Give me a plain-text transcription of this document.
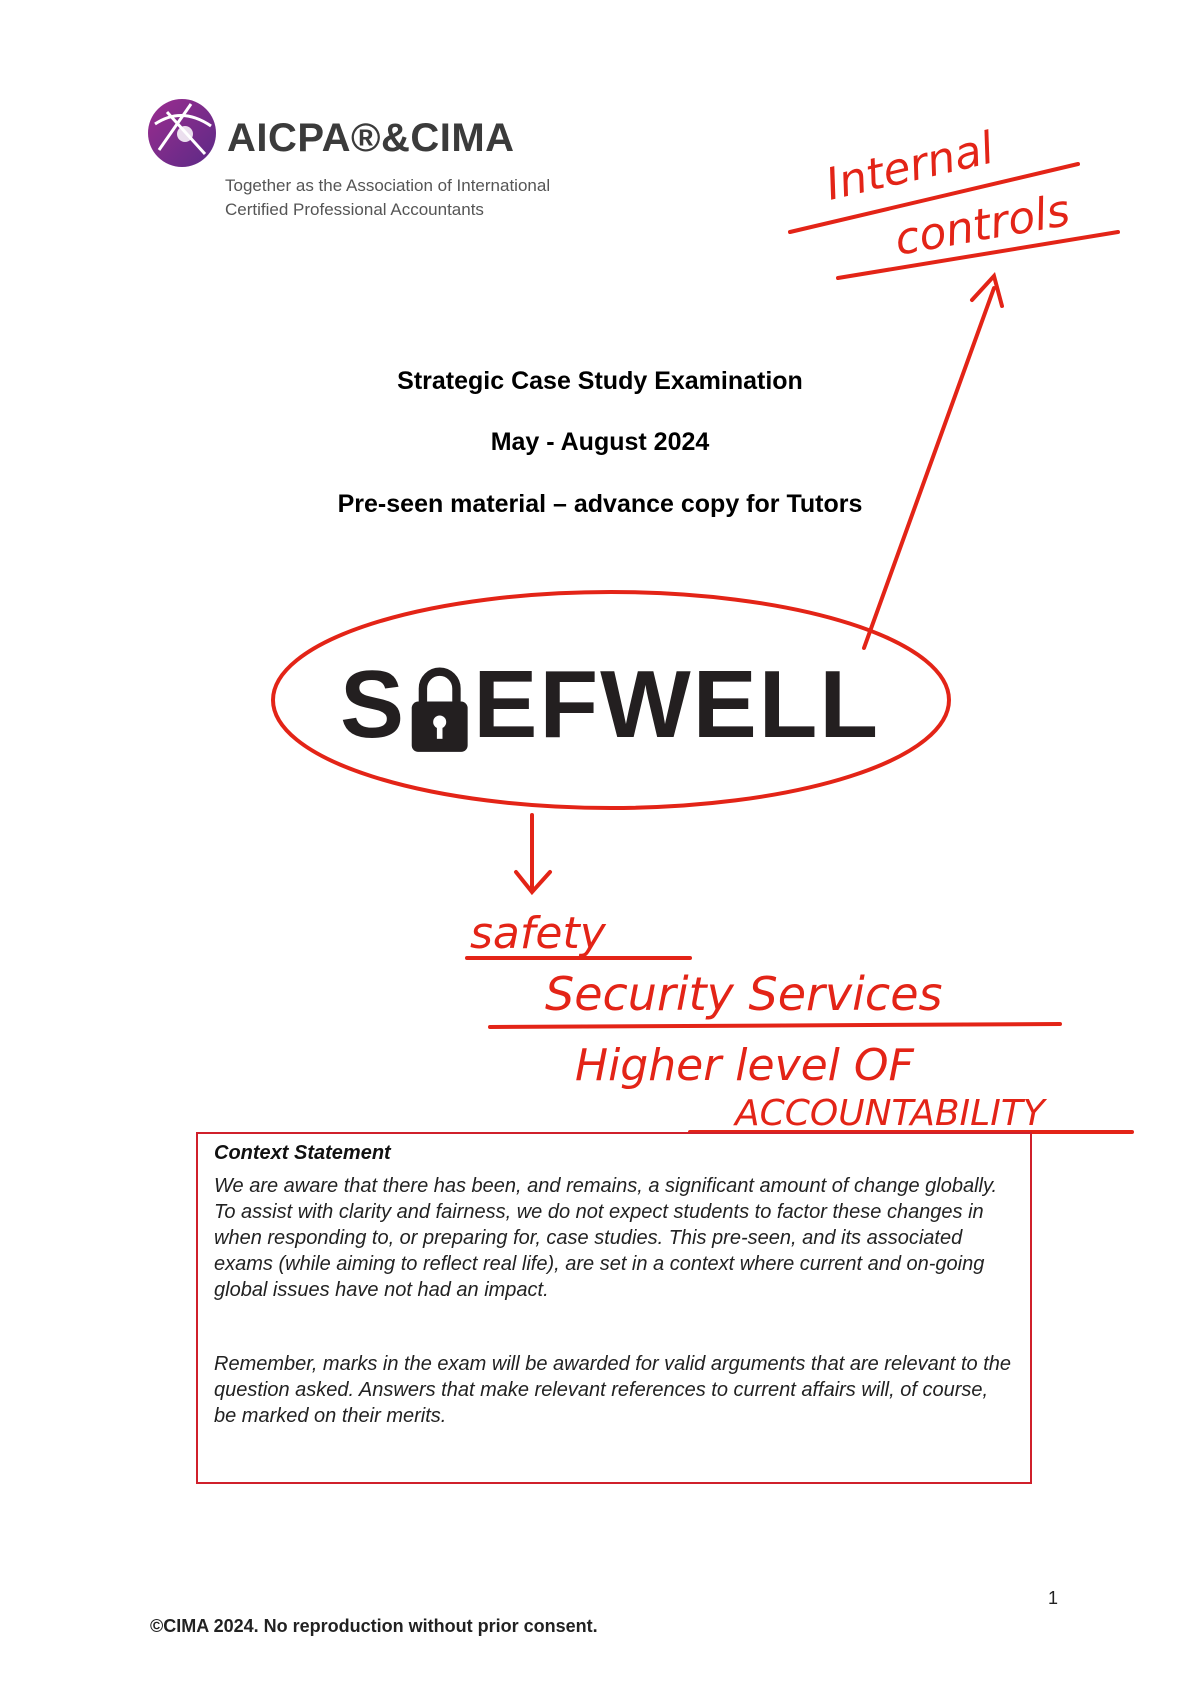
AICPA®&CIMA
Together as the Association of International
Certified Professional Accountants
Strategic Case Study Examination
May - August 2024
Pre-seen material – advance copy for Tutors
S EFWELL
Internal
controls
safety
Security Services
Higher level OF
ACCOUNTABILITY

Context Statement

We are aware that there has been, and remains, a significant amount of change globally. To assist with clarity and fairness, we do not expect students to factor these changes in when responding to, or preparing for, case studies. This pre-seen, and its associated exams (while aiming to reflect real life), are set in a context where current and on-going global issues have not had an impact.

Remember, marks in the exam will be awarded for valid arguments that are relevant to the question asked. Answers that make relevant references to current affairs will, of course, be marked on their merits.

1
©CIMA 2024. No reproduction without prior consent.
